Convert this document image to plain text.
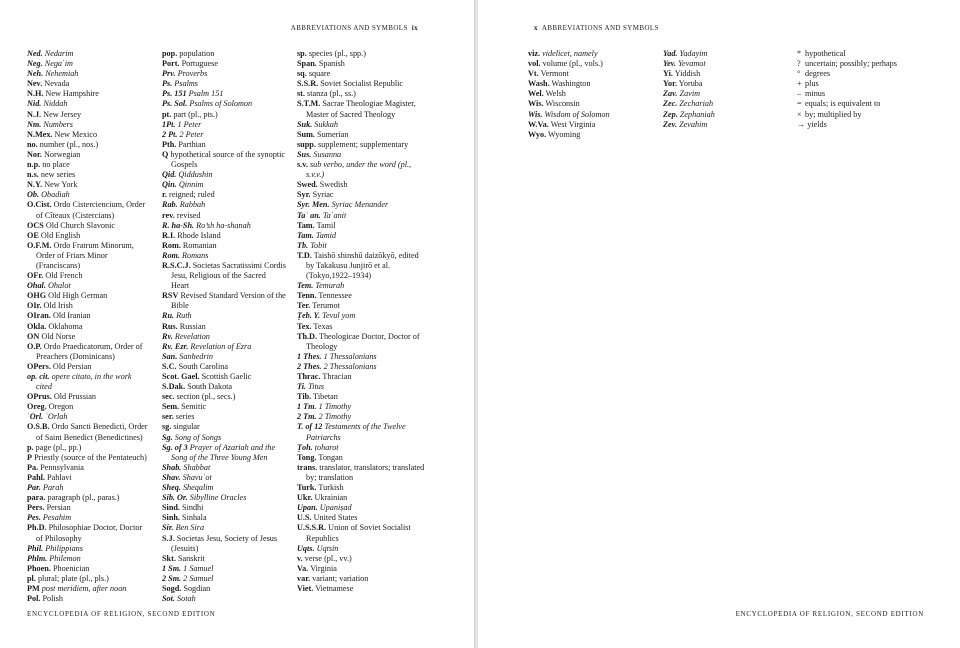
ABBREVIATIONS AND SYMBOLS ix
Ned. Nedarim
Neg. Negaʿim
Neh. Nehemiah
Nev. Nevada
N.H. New Hampshire
Nid. Niddah
N.J. New Jersey
Nm. Numbers
N.Mex. New Mexico
no. number (pl., nos.)
Nor. Norwegian
n.p. no place
n.s. new series
N.Y. New York
Ob. Obadiah
O.Cist. Ordo Cisterciencium, Order of Cîteaux (Cistercians)
OCS Old Church Slavonic
OE Old English
O.F.M. Ordo Fratrum Minorum, Order of Friars Minor (Franciscans)
OFr. Old French
Ohal. Ohalot
OHG Old High German
OIr. Old Irish
OIran. Old Iranian
Okla. Oklahoma
ON Old Norse
O.P. Ordo Praedicatorum, Order of Preachers (Dominicans)
OPers. Old Persian
op. cit. opere citato, in the work cited
OPrus. Old Prussian
Oreg. Oregon
ʿOrl. ʿOrlah
O.S.B. Ordo Sancti Benedicti, Order of Saint Benedict (Benedictines)
p. page (pl., pp.)
P Priestly (source of the Pentateuch)
Pa. Pennsylvania
Pahl. Pahlavi
Par. Parah
para. paragraph (pl., paras.)
Pers. Persian
Pes. Pesahim
Ph.D. Philosophiae Doctor, Doctor of Philosophy
Phil. Philippians
Phlm. Philemon
Phoen. Phoenician
pl. plural; plate (pl., pls.)
PM post meridiem, after noon
Pol. Polish
pop. population
Port. Portuguese
Prv. Proverbs
Ps. Psalms
Ps. 151 Psalm 151
Ps. Sol. Psalms of Solomon
pt. part (pl., pts.)
1Pt. 1 Peter
2 Pt. 2 Peter
Pth. Parthian
Q hypothetical source of the synoptic Gospels
Qid. Qiddushin
Qin. Qinnim
r. reigned; ruled
Rab. Rabbah
rev. revised
R. ha-Sh. Ro’sh ha-shanah
R.I. Rhode Island
Rom. Romanian
Rom. Romans
R.S.C.J. Societas Sacratissimi Cordis Jesu, Religious of the Sacred Heart
RSV Revised Standard Version of the Bible
Ru. Ruth
Rus. Russian
Rv. Revelation
Rv. Ezr. Revelation of Ezra
San. Sanhedrin
S.C. South Carolina
Scot. Gael. Scottish Gaelic
S.Dak. South Dakota
sec. section (pl., secs.)
Sem. Semitic
ser. series
sg. singular
Sg. Song of Songs
Sg. of 3 Prayer of Azariah and the Song of the Three Young Men
Shab. Shabbat
Shav. Shavuʿot
Sheq. Sheqalim
Sib. Or. Sibylline Oracles
Sind. Sindhi
Sinh. Sinhala
Sir. Ben Sira
S.J. Societas Jesu, Society of Jesus (Jesuits)
Skt. Sanskrit
1 Sm. 1 Samuel
2 Sm. 2 Samuel
Sogd. Sogdian
Sot. Sotah
sp. species (pl., spp.)
Span. Spanish
sq. square
S.S.R. Soviet Socialist Republic
st. stanza (pl., ss.)
S.T.M. Sacrae Theologiae Magister, Master of Sacred Theology
Suk. Sukkah
Sum. Sumerian
supp. supplement; supplementary
Sus. Susanna
s.v. sub verbo, under the word (pl., s.v.v.)
Swed. Swedish
Syr. Syriac
Syr. Men. Syriac Menander
Taʿ an. Taʿanit
Tam. Tamil
Tam. Tamid
Tb. Tobit
T.D. Taishō shinshū daizōkyō, edited by Takakusu Junjirō et al. (Tokyo,1922–1934)
Tem. Temurah
Tenn. Tennessee
Ter. Terumot
Ṭeb. Y. Tevul yom
Tex. Texas
Th.D. Theologicae Doctor, Doctor of Theology
1 Thes. 1 Thessalonians
2 Thes. 2 Thessalonians
Thrac. Thracian
Ti. Titus
Tib. Tibetan
1 Tm. 1 Timothy
2 Tm. 2 Timothy
T. of 12 Testaments of the Twelve Patriarchs
Ṭoh. ṭoharot
Tong. Tongan
trans. translator, translators; translated by; translation
Turk. Turkish
Ukr. Ukrainian
Upan. Upaniṣad
U.S. United States
U.S.S.R. Union of Soviet Socialist Republics
Uqts. Uqtsin
v. verse (pl., vv.)
Va. Virginia
var. variant; variation
Viet. Vietnamese
ENCYCLOPEDIA OF RELIGION, SECOND EDITION
x ABBREVIATIONS AND SYMBOLS
viz. videlicet, namely
vol. volume (pl., vols.)
Vt. Vermont
Wash. Washington
Wel. Welsh
Wis. Wisconsin
Wis. Wisdom of Solomon
W.Va. West Virginia
Wyo. Wyoming
Yad. Yadayim
Yev. Yevamot
Yi. Yiddish
Yor. Yoruba
Zav. Zavim
Zec. Zechariah
Zep. Zephaniah
Zev. Zevahim
* hypothetical
? uncertain; possibly; perhaps
° degrees
+ plus
– minus
= equals; is equivalent to
× by; multiplied by
→ yields
ENCYCLOPEDIA OF RELIGION, SECOND EDITION
